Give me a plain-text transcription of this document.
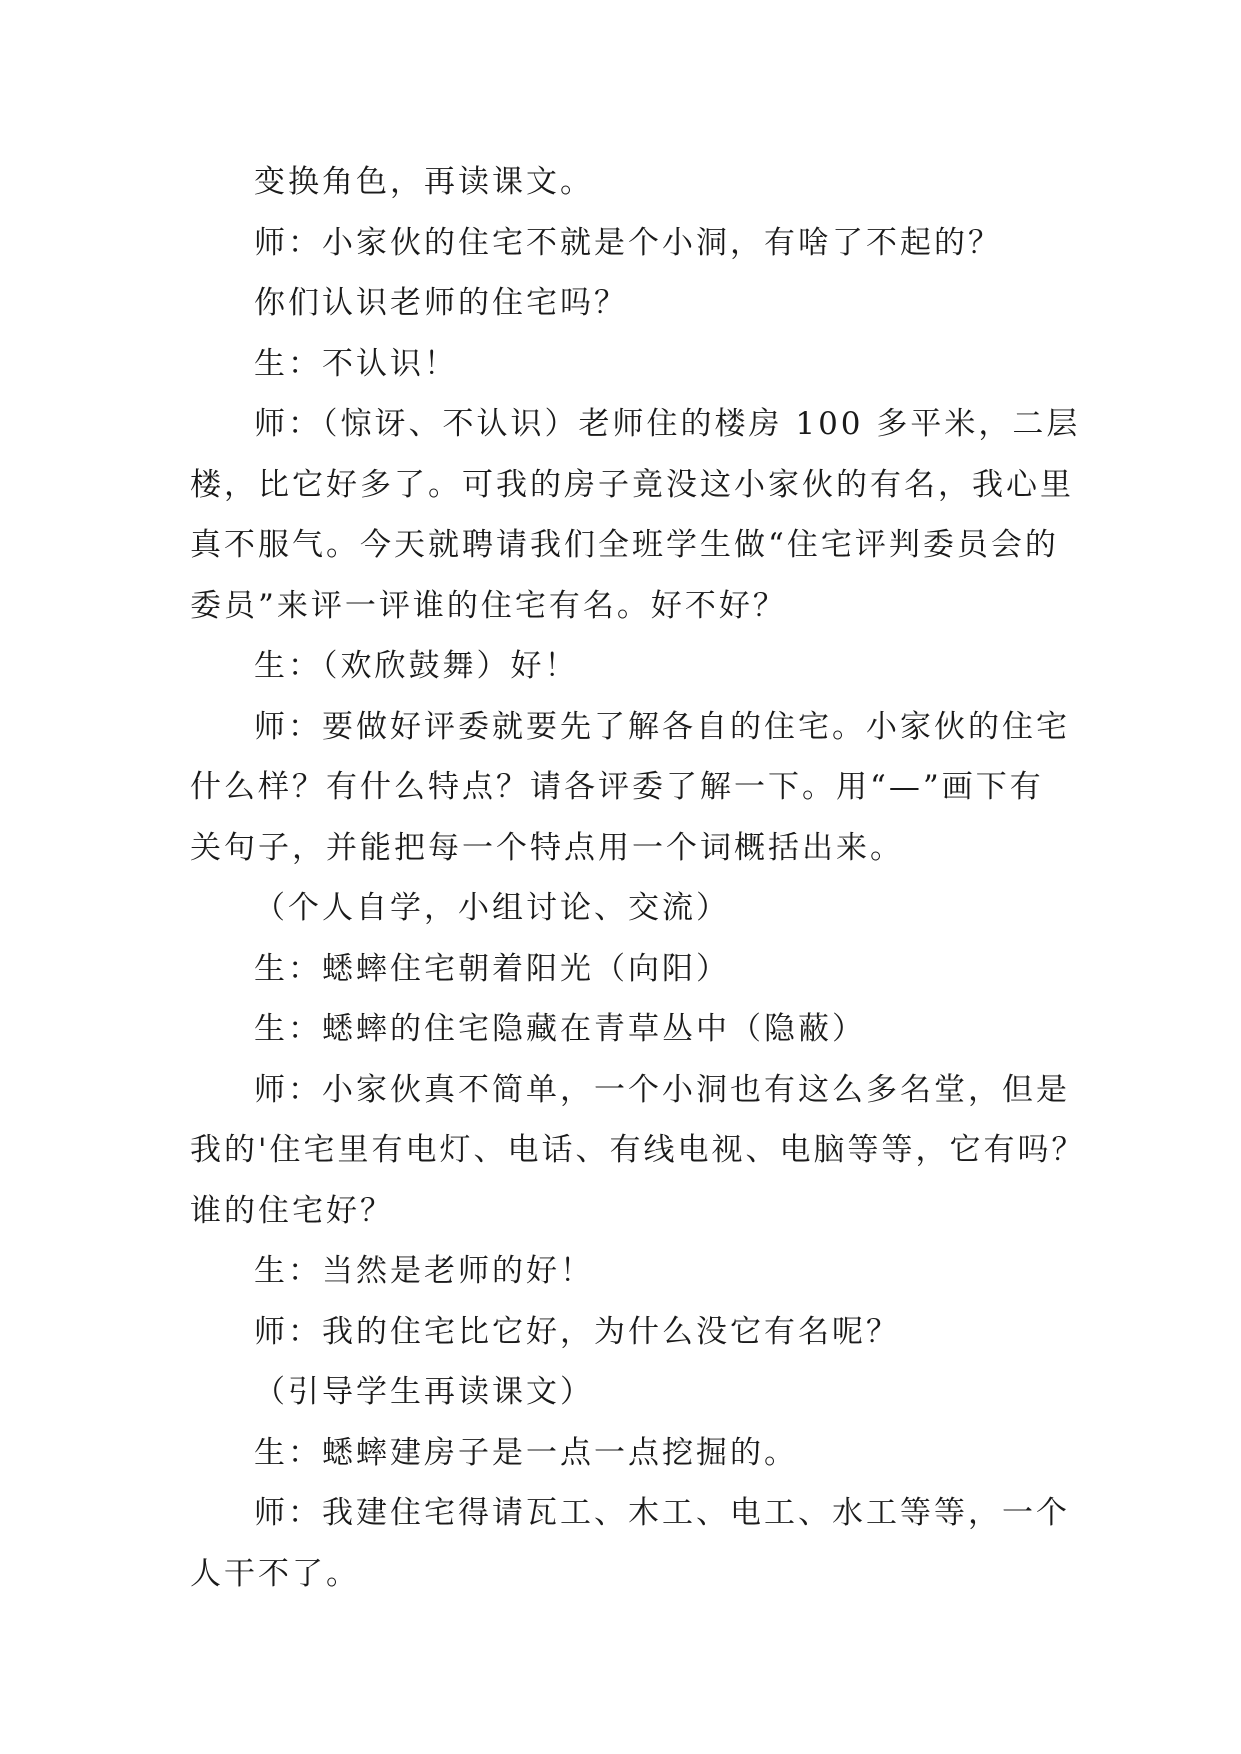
变换角色，再读课文。
师：小家伙的住宅不就是个小洞，有啥了不起的？
你们认识老师的住宅吗？
生：不认识！
师：（惊讶、不认识）老师住的楼房 100 多平米，二层
楼，比它好多了。可我的房子竟没这小家伙的有名，我心里
真不服气。今天就聘请我们全班学生做“住宅评判委员会的
委员”来评一评谁的住宅有名。好不好？
生：（欢欣鼓舞）好！
师：要做好评委就要先了解各自的住宅。小家伙的住宅
什么样？有什么特点？请各评委了解一下。用“—”画下有
关句子，并能把每一个特点用一个词概括出来。
（个人自学，小组讨论、交流）
生：蟋蟀住宅朝着阳光（向阳）
生：蟋蟀的住宅隐藏在青草丛中（隐蔽）
师：小家伙真不简单，一个小洞也有这么多名堂，但是
我的'住宅里有电灯、电话、有线电视、电脑等等，它有吗？
谁的住宅好？
生：当然是老师的好！
师：我的住宅比它好，为什么没它有名呢？
（引导学生再读课文）
生：蟋蟀建房子是一点一点挖掘的。
师：我建住宅得请瓦工、木工、电工、水工等等，一个
人干不了。
